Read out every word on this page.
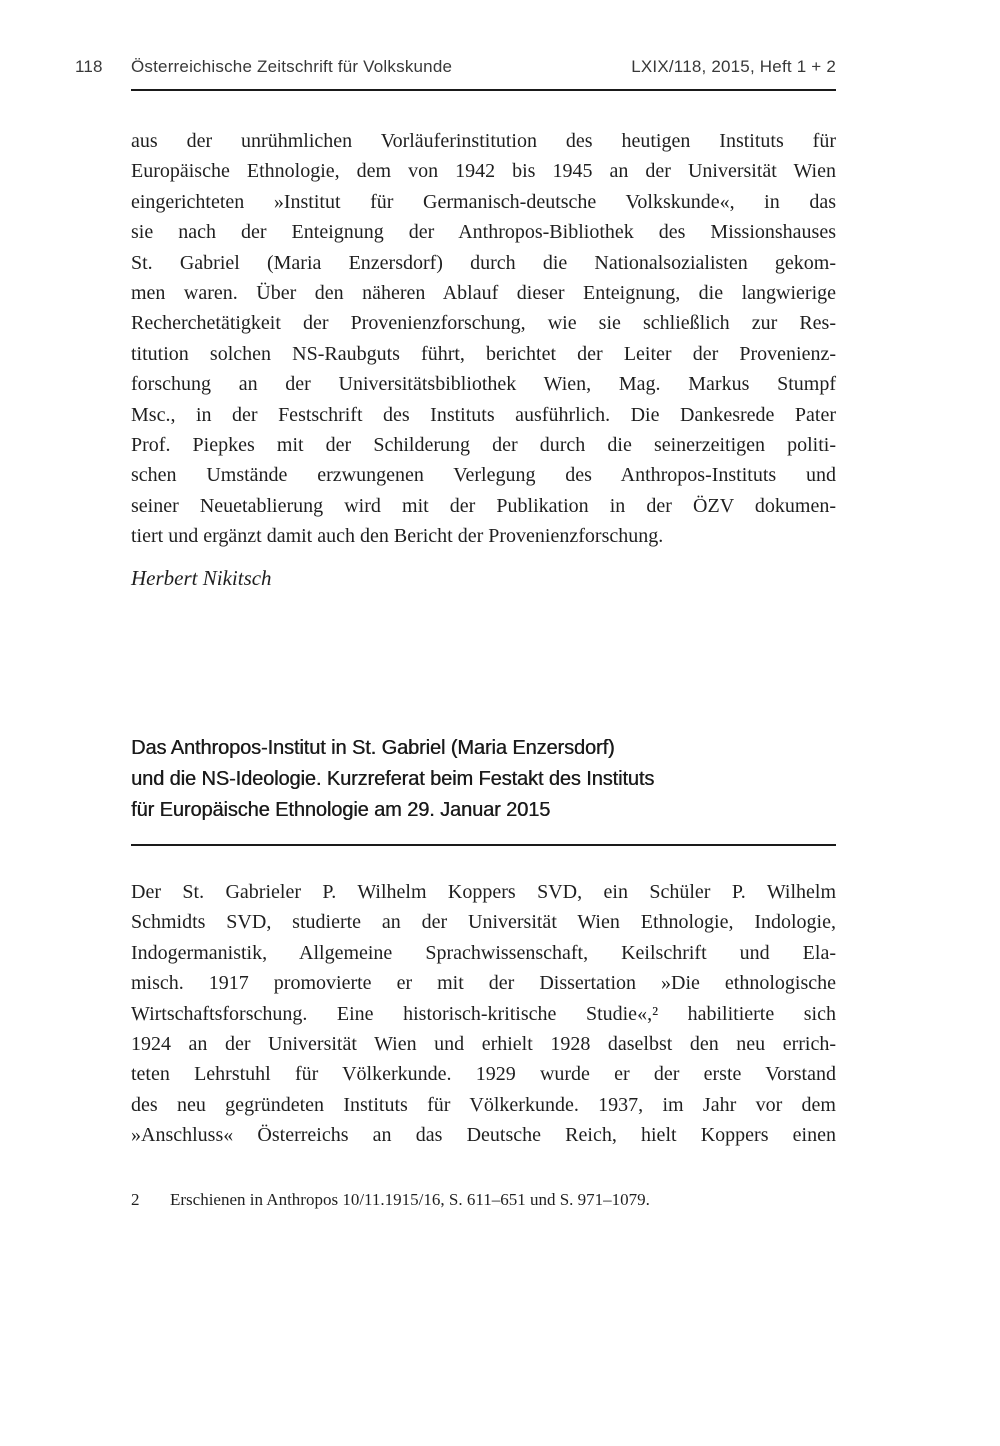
118	Österreichische Zeitschrift für Volkskunde	LXIX/118, 2015, Heft 1 + 2
aus der unrühmlichen Vorläuferinstitution des heutigen Instituts für
Europäische Ethnologie, dem von 1942 bis 1945 an der Universität Wien
eingerichteten »Institut für Germanisch-deutsche Volkskunde«, in das
sie nach der Enteignung der Anthropos-Bibliothek des Missionshauses
St. Gabriel (Maria Enzersdorf) durch die Nationalsozialisten gekom-
men waren. Über den näheren Ablauf dieser Enteignung, die langwierige
Recherchetätigkeit der Provenienzforschung, wie sie schließlich zur Res-
titution solchen NS-Raubguts führt, berichtet der Leiter der Provenienz-
forschung an der Universitätsbibliothek Wien, Mag. Markus Stumpf
Msc., in der Festschrift des Instituts ausführlich. Die Dankesrede Pater
Prof. Piepkes mit der Schilderung der durch die seinerzeitigen politi-
schen Umstände erzwungenen Verlegung des Anthropos-Instituts und
seiner Neuetablierung wird mit der Publikation in der ÖZV dokumen-
tiert und ergänzt damit auch den Bericht der Provenienzforschung.
Herbert Nikitsch
Das Anthropos-Institut in St. Gabriel (Maria Enzersdorf)
und die NS-Ideologie. Kurzreferat beim Festakt des Instituts
für Europäische Ethnologie am 29. Januar 2015
Der St. Gabrieler P. Wilhelm Koppers SVD, ein Schüler P. Wilhelm
Schmidts SVD, studierte an der Universität Wien Ethnologie, Indologie,
Indogermanistik, Allgemeine Sprachwissenschaft, Keilschrift und Ela-
misch. 1917 promovierte er mit der Dissertation »Die ethnologische
Wirtschaftsforschung. Eine historisch-kritische Studie«,² habilitierte sich
1924 an der Universität Wien und erhielt 1928 daselbst den neu errich-
teten Lehrstuhl für Völkerkunde. 1929 wurde er der erste Vorstand
des neu gegründeten Instituts für Völkerkunde. 1937, im Jahr vor dem
»Anschluss« Österreichs an das Deutsche Reich, hielt Koppers einen
2	Erschienen in Anthropos 10/11.1915/16, S. 611–651 und S. 971–1079.
